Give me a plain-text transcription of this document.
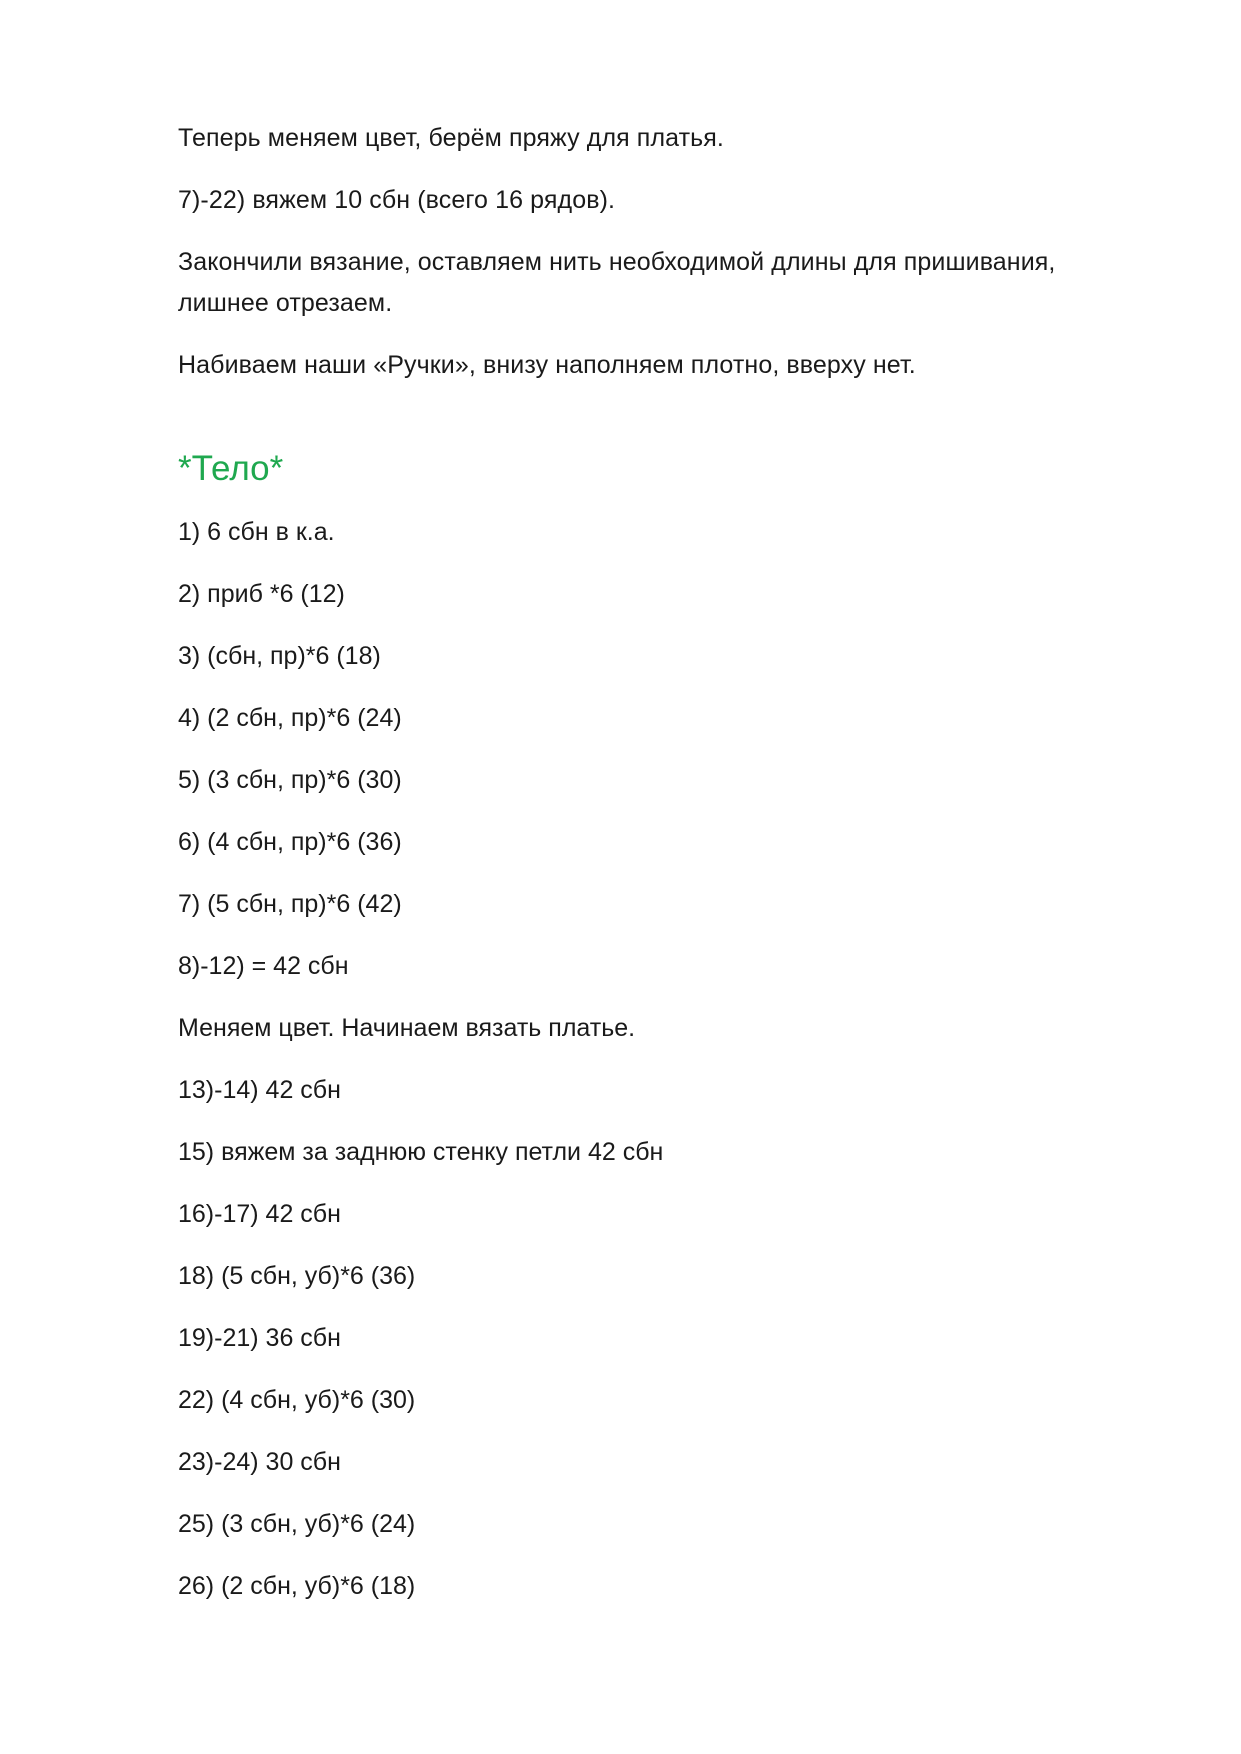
Теперь меняем цвет, берём пряжу для платья.

7)-22) вяжем 10 сбн (всего 16 рядов).

Закончили вязание, оставляем нить необходимой длины для пришивания, лишнее отрезаем.

Набиваем наши «Ручки», внизу наполняем плотно, вверху нет.

*Тело*

1) 6 сбн в к.а.

2) приб *6 (12)

3) (сбн, пр)*6 (18)

4) (2 сбн, пр)*6 (24)

5) (3 сбн, пр)*6 (30)

6) (4 сбн, пр)*6 (36)

7) (5 сбн, пр)*6 (42)

8)-12) = 42 сбн

Меняем цвет. Начинаем вязать платье.

13)-14) 42 сбн

15) вяжем за заднюю стенку петли 42 сбн

16)-17) 42 сбн

18) (5 сбн, уб)*6 (36)

19)-21) 36 сбн

22) (4 сбн, уб)*6 (30)

23)-24) 30 сбн

25) (3 сбн, уб)*6 (24)

26) (2 сбн, уб)*6 (18)
